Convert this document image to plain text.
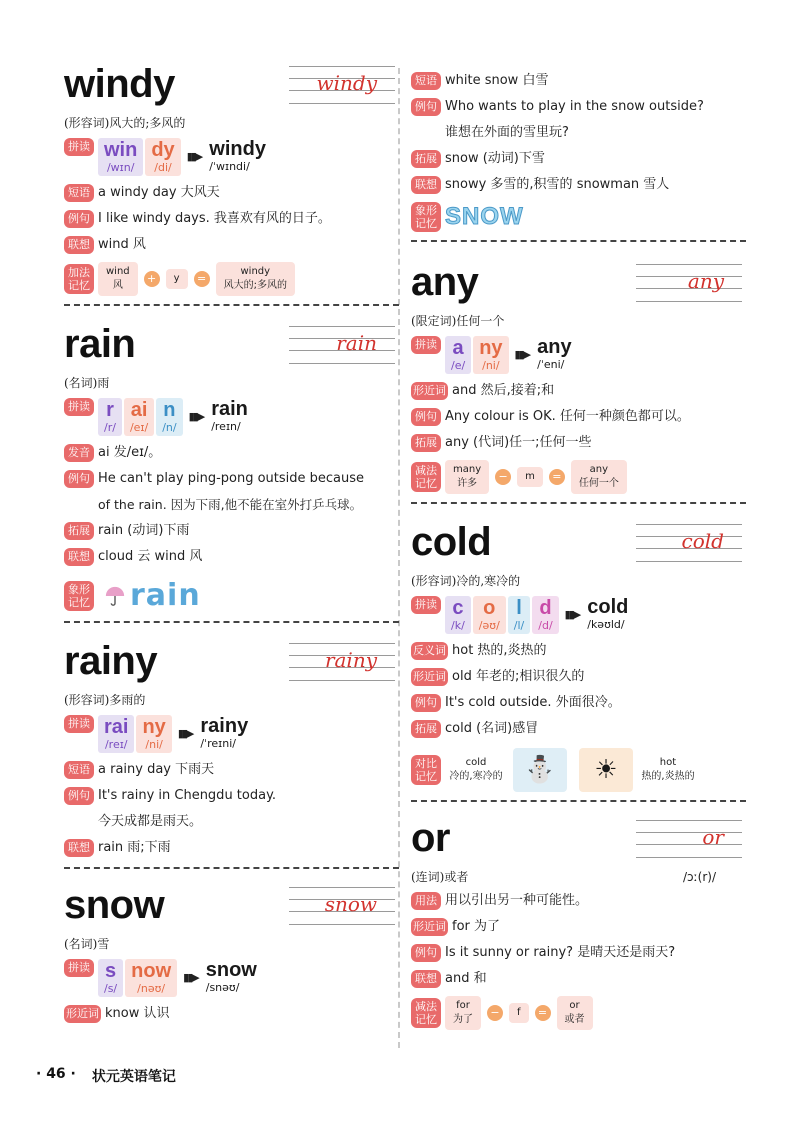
windy	windy
(形容词)风大的;多风的
拼读 win
/wɪn/
dy
/di/
▮▮▶ windy
/ˈwɪndi/
短语 a windy day 大风天
例句 I like windy days. 我喜欢有风的日子。
联想 wind 风
加法记忆
wind
风
+	y	=
windy
风大的;多风的
rain	rain
(名词)雨
拼读 r
/r/
ai
/eɪ/
n
/n/
▮▮▶ rain
/reɪn/
发音 ai 发/eɪ/。
例句 He can't play ping-pong outside because
of the rain. 因为下雨,他不能在室外打乒乓球。
拓展 rain (动词)下雨
联想 cloud 云 wind 风
象形记忆 rain
rainy	rainy
(形容词)多雨的
拼读 rai
/reɪ/
ny
/ni/
▮▮▶ rainy
/ˈreɪni/
短语 a rainy day 下雨天
例句 It's rainy in Chengdu today.
今天成都是雨天。
联想 rain 雨;下雨
snow	snow
(名词)雪
拼读 s
/s/
now
/nəʊ/
▮▮▶ snow
/snəʊ/
形近词 know 认识
短语 white snow 白雪
例句 Who wants to play in the snow outside?
谁想在外面的雪里玩?
拓展 snow (动词)下雪
联想 snowy 多雪的,积雪的 snowman 雪人
象形记忆 SNOW
any	any
(限定词)任何一个
拼读 a
/e/
ny
/ni/
▮▮▶ any
/ˈeni/
形近词 and 然后,接着;和
例句 Any colour is OK. 任何一种颜色都可以。
拓展 any (代词)任一;任何一些
减法记忆
many
许多
−	m	=
any
任何一个
cold	cold
(形容词)冷的,寒冷的
拼读 c
/k/
o
/əʊ/
l
/l/
d
/d/
▮▮▶ cold
/kəʊld/
反义词 hot 热的,炎热的
形近词 old 年老的;相识很久的
例句 It's cold outside. 外面很冷。
拓展 cold (名词)感冒
对比记忆
cold
冷的,寒冷的 ⛄	☀	hot
热的,炎热的
or	or
(连词)或者	/ɔː(r)/
用法 用以引出另一种可能性。
形近词 for 为了
例句 Is it sunny or rainy? 是晴天还是雨天?
联想 and 和
减法记忆
for
为了
−	f	=
or
或者
· 46 · 状元英语笔记
